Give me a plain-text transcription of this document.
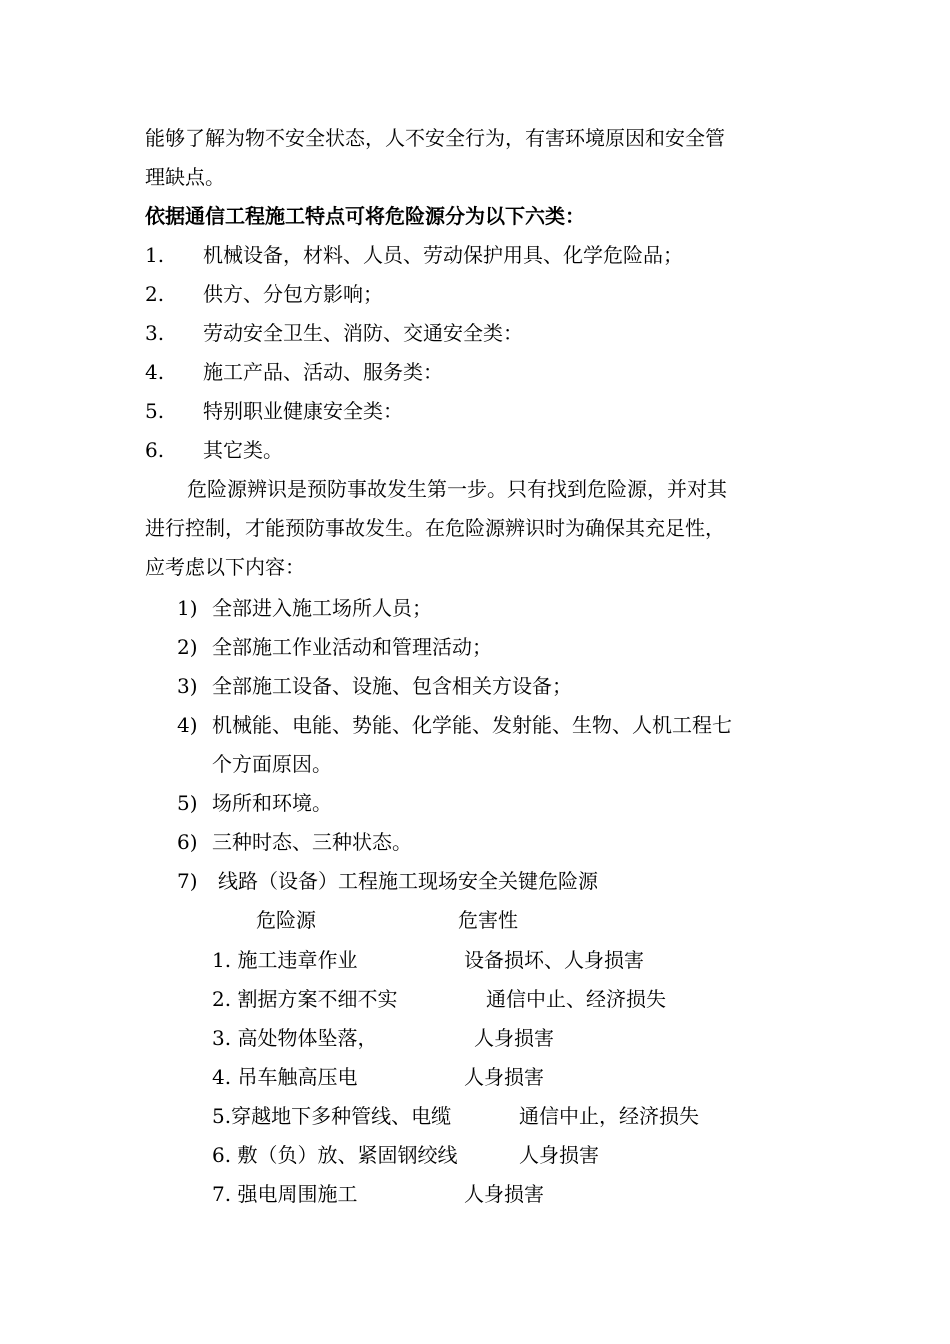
能够了解为物不安全状态，人不安全行为，有害环境原因和安全管
理缺点。
依据通信工程施工特点可将危险源分为以下六类：
1. 机械设备，材料、人员、劳动保护用具、化学危险品；
2. 供方、分包方影响；
3. 劳动安全卫生、消防、交通安全类：
4. 施工产品、活动、服务类：
5. 特别职业健康安全类：
6. 其它类。
危险源辨识是预防事故发生第一步。只有找到危险源，并对其
进行控制，才能预防事故发生。在危险源辨识时为确保其充足性，
应考虑以下内容：
1) 全部进入施工场所人员；
2) 全部施工作业活动和管理活动；
3) 全部施工设备、设施、包含相关方设备；
4) 机械能、电能、势能、化学能、发射能、生物、人机工程七
个方面原因。
5) 场所和环境。
6) 三种时态、三种状态。
7) 线路（设备）工程施工现场安全关键危险源
危险源	危害性
1. 施工违章作业	设备损坏、人身损害
2. 割据方案不细不实	通信中止、经济损失
3. 高处物体坠落，	人身损害
4. 吊车触高压电	人身损害
5.穿越地下多种管线、电缆	通信中止，经济损失
6. 敷（负）放、紧固钢绞线	人身损害
7. 强电周围施工	人身损害
